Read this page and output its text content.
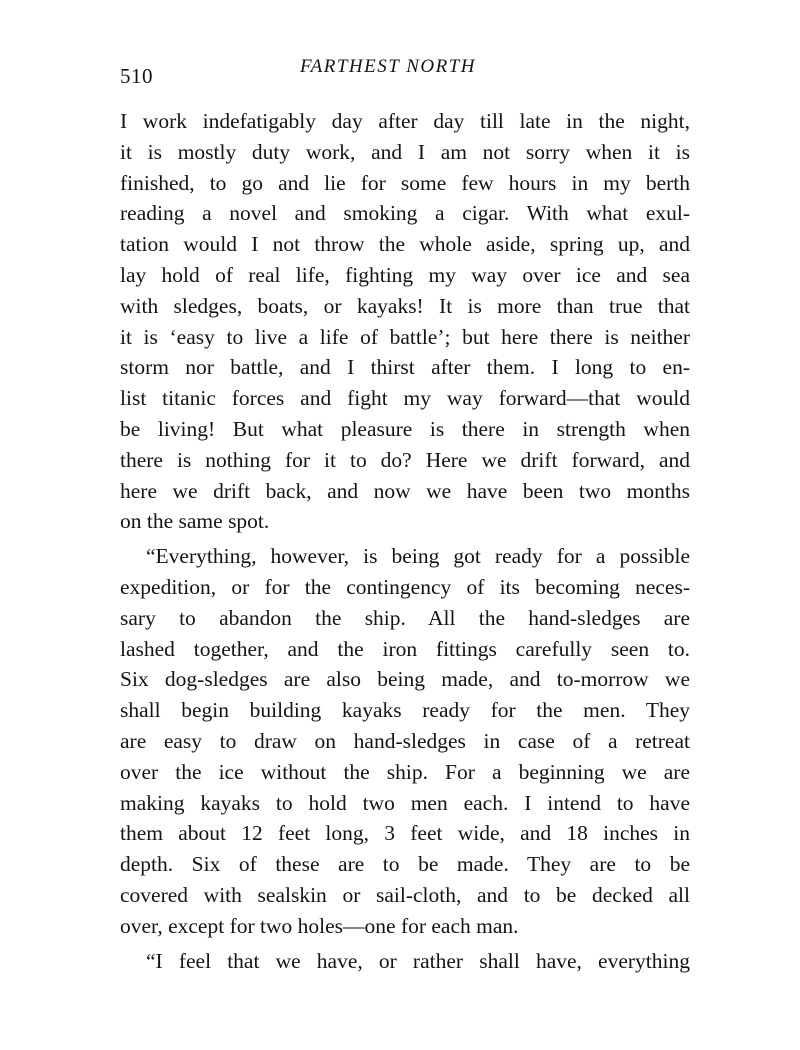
510	FARTHEST NORTH
I work indefatigably day after day till late in the night,
it is mostly duty work, and I am not sorry when it is
finished, to go and lie for some few hours in my berth
reading a novel and smoking a cigar. With what exul-
tation would I not throw the whole aside, spring up, and
lay hold of real life, fighting my way over ice and sea
with sledges, boats, or kayaks! It is more than true that
it is ‘easy to live a life of battle’; but here there is neither
storm nor battle, and I thirst after them. I long to en-
list titanic forces and fight my way forward—that would
be living! But what pleasure is there in strength when
there is nothing for it to do? Here we drift forward, and
here we drift back, and now we have been two months
on the same spot.
“Everything, however, is being got ready for a possible
expedition, or for the contingency of its becoming neces-
sary to abandon the ship. All the hand-sledges are
lashed together, and the iron fittings carefully seen to.
Six dog-sledges are also being made, and to-morrow we
shall begin building kayaks ready for the men. They
are easy to draw on hand-sledges in case of a retreat
over the ice without the ship. For a beginning we are
making kayaks to hold two men each. I intend to have
them about 12 feet long, 3 feet wide, and 18 inches in
depth. Six of these are to be made. They are to be
covered with sealskin or sail-cloth, and to be decked all
over, except for two holes—one for each man.
“I feel that we have, or rather shall have, everything
